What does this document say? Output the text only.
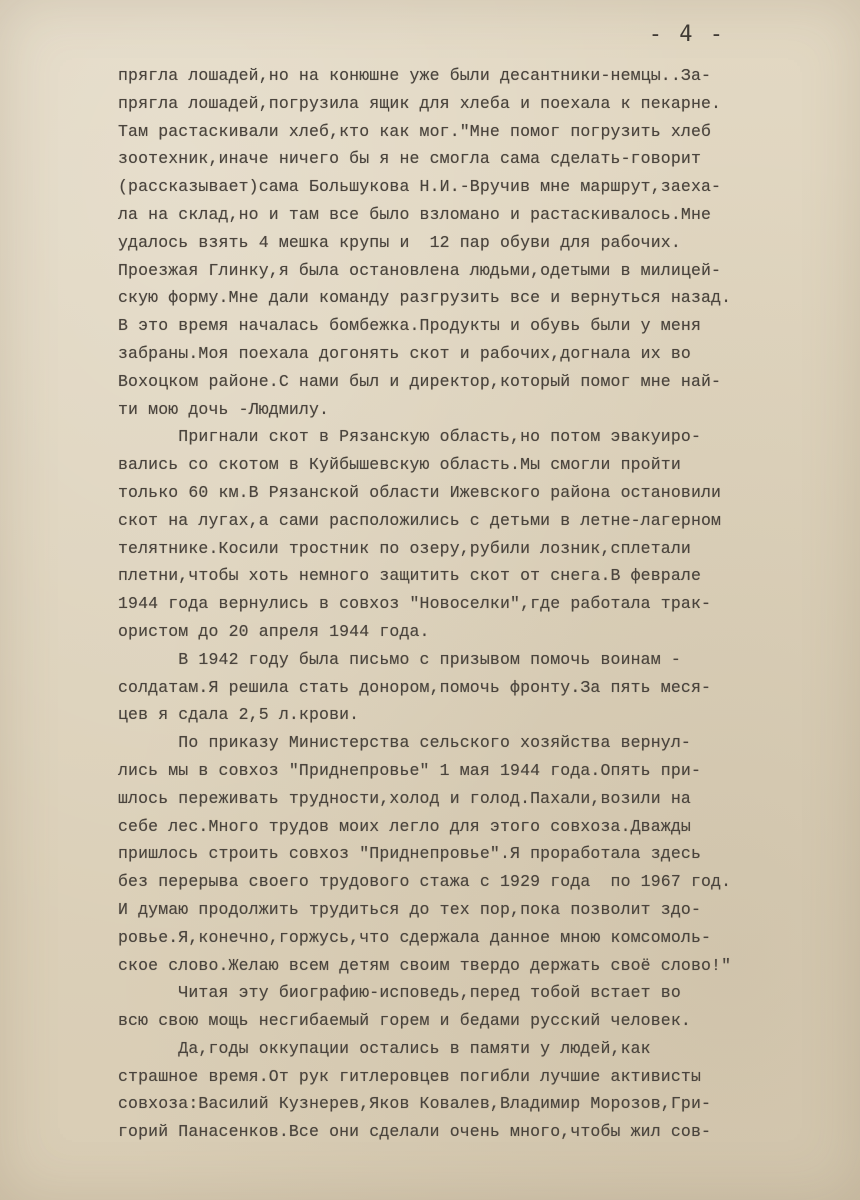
- 4 -
прягла лошадей,но на конюшне уже были десантники-немцы..За-
прягла лошадей,погрузила ящик для хлеба и поехала к пекарне.
Там растаскивали хлеб,кто как мог."Мне помог погрузить хлеб
зоотехник,иначе ничего бы я не смогла сама сделать-говорит
(рассказывает)сама Большукова Н.И.-Вручив мне маршрут,заеха-
ла на склад,но и там все было взломано и растаскивалось.Мне
удалось взять 4 мешка крупы и  12 пар обуви для рабочих.
Проезжая Глинку,я была остановлена людьми,одетыми в милицей-
скую форму.Мне дали команду разгрузить все и вернуться назад.
В это время началась бомбежка.Продукты и обувь были у меня
забраны.Моя поехала догонять скот и рабочих,догнала их во
Вохоцком районе.С нами был и директор,который помог мне най-
ти мою дочь -Людмилу.
Пригнали скот в Рязанскую область,но потом эвакуиро-
вались со скотом в Куйбышевскую область.Мы смогли пройти
только 60 км.В Рязанской области Ижевского района остановили
скот на лугах,а сами расположились с детьми в летне-лагерном
телятнике.Косили тростник по озеру,рубили лозник,сплетали
плетни,чтобы хоть немного защитить скот от снега.В феврале
1944 года вернулись в совхоз "Новоселки",где работала трак-
ористом до 20 апреля 1944 года.
В 1942 году была письмо с призывом помочь воинам -
солдатам.Я решила стать донором,помочь фронту.За пять меся-
цев я сдала 2,5 л.крови.
По приказу Министерства сельского хозяйства вернул-
лись мы в совхоз "Приднепровье" 1 мая 1944 года.Опять при-
шлось переживать трудности,холод и голод.Пахали,возили на
себе лес.Много трудов моих легло для этого совхоза.Дважды
пришлось строить совхоз "Приднепровье".Я проработала здесь
без перерыва своего трудового стажа с 1929 года  по 1967 год.
И думаю продолжить трудиться до тех пор,пока позволит здо-
ровье.Я,конечно,горжусь,что сдержала данное мною комсомоль-
ское слово.Желаю всем детям своим твердо держать своё слово!"
Читая эту биографию-исповедь,перед тобой встает во
всю свою мощь несгибаемый горем и бедами русский человек.
Да,годы оккупации остались в памяти у людей,как
страшное время.От рук гитлеровцев погибли лучшие активисты
совхоза:Василий Кузнерев,Яков Ковалев,Владимир Морозов,Гри-
горий Панасенков.Все они сделали очень много,чтобы жил сов-
